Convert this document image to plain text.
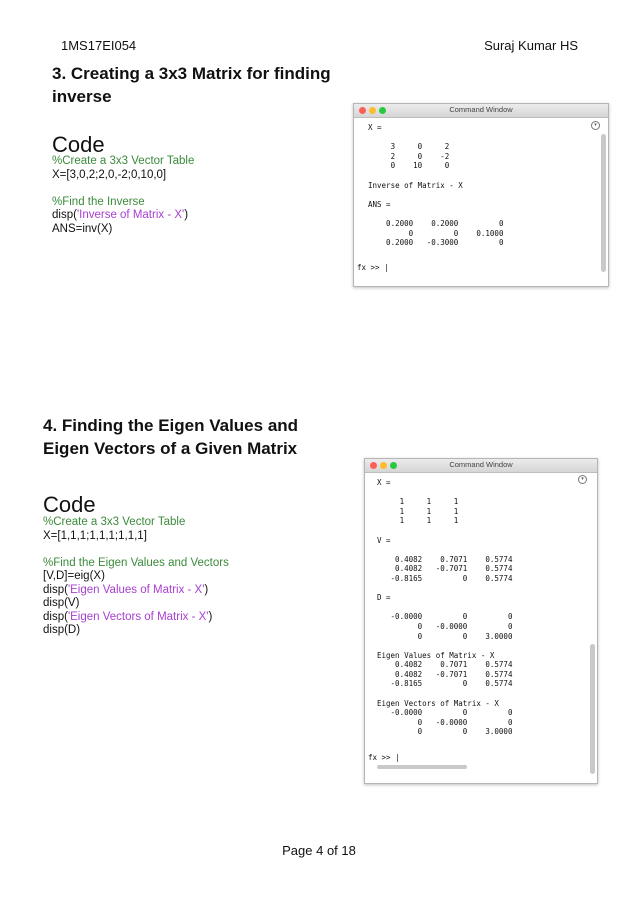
1MS17EI054	Suraj Kumar HS
3. Creating a 3x3 Matrix for finding
inverse
Code
%Create a 3x3 Vector Table
X=[3,0,2;2,0,-2;0,10,0]
%Find the Inverse
disp('Inverse of Matrix - X')
ANS=inv(X)
Command Window
▾
X =

3     0     2
2     0    -2
0    10     0

Inverse of Matrix - X

ANS =

0.2000    0.2000         0
0         0    0.1000
0.2000   -0.3000         0
fx >> |
4. Finding the Eigen Values and
Eigen Vectors of a Given Matrix
Code
%Create a 3x3 Vector Table
X=[1,1,1;1,1,1;1,1,1]
%Find the Eigen Values and Vectors
[V,D]=eig(X)
disp('Eigen Values of Matrix - X')
disp(V)
disp('Eigen Vectors of Matrix - X')
disp(D)
Command Window
▾
X =

1     1     1
1     1     1
1     1     1

V =

0.4082    0.7071    0.5774
0.4082   -0.7071    0.5774
-0.8165         0    0.5774

D =

-0.0000         0         0
0   -0.0000         0
0         0    3.0000

Eigen Values of Matrix - X
0.4082    0.7071    0.5774
0.4082   -0.7071    0.5774
-0.8165         0    0.5774

Eigen Vectors of Matrix - X
-0.0000         0         0
0   -0.0000         0
0         0    3.0000
fx >> |
Page 4 of 18
